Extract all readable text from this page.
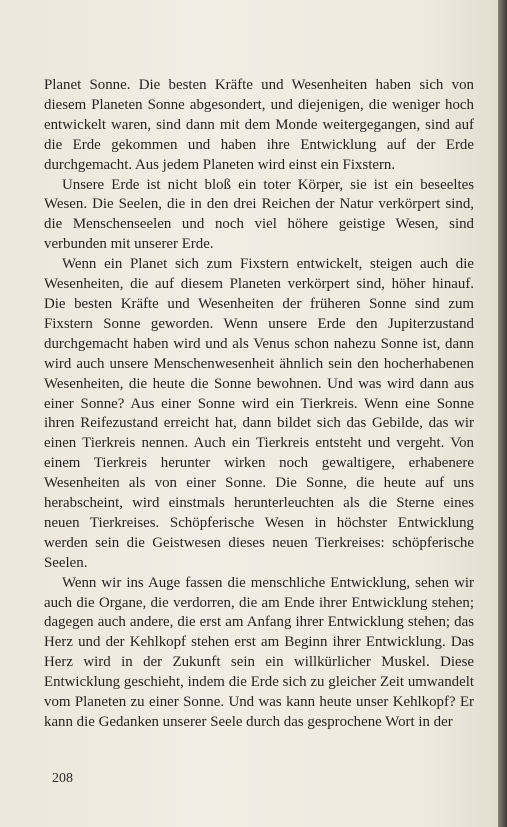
Planet Sonne. Die besten Kräfte und Wesenheiten haben sich von diesem Planeten Sonne abgesondert, und diejenigen, die weniger hoch entwickelt waren, sind dann mit dem Monde weitergegangen, sind auf die Erde gekommen und haben ihre Entwicklung auf der Erde durchgemacht. Aus jedem Planeten wird einst ein Fixstern.

Unsere Erde ist nicht bloß ein toter Körper, sie ist ein beseeltes Wesen. Die Seelen, die in den drei Reichen der Natur verkörpert sind, die Menschenseelen und noch viel höhere geistige Wesen, sind verbunden mit unserer Erde.

Wenn ein Planet sich zum Fixstern entwickelt, steigen auch die Wesenheiten, die auf diesem Planeten verkörpert sind, höher hinauf. Die besten Kräfte und Wesenheiten der früheren Sonne sind zum Fixstern Sonne geworden. Wenn unsere Erde den Jupiterzustand durchgemacht haben wird und als Venus schon nahezu Sonne ist, dann wird auch unsere Menschenwesenheit ähnlich sein den hocherhabenen Wesenheiten, die heute die Sonne bewohnen. Und was wird dann aus einer Sonne? Aus einer Sonne wird ein Tierkreis. Wenn eine Sonne ihren Reifezustand erreicht hat, dann bildet sich das Gebilde, das wir einen Tierkreis nennen. Auch ein Tierkreis entsteht und vergeht. Von einem Tierkreis herunter wirken noch gewaltigere, erhabenere Wesenheiten als von einer Sonne. Die Sonne, die heute auf uns herabscheint, wird einstmals herunterleuchten als die Sterne eines neuen Tierkreises. Schöpferische Wesen in höchster Entwicklung werden sein die Geistwesen dieses neuen Tierkreises: schöpferische Seelen.

Wenn wir ins Auge fassen die menschliche Entwicklung, sehen wir auch die Organe, die verdorren, die am Ende ihrer Entwicklung stehen; dagegen auch andere, die erst am Anfang ihrer Entwicklung stehen; das Herz und der Kehlkopf stehen erst am Beginn ihrer Entwicklung. Das Herz wird in der Zukunft sein ein willkürlicher Muskel. Diese Entwicklung geschieht, indem die Erde sich zu gleicher Zeit umwandelt vom Planeten zu einer Sonne. Und was kann heute unser Kehlkopf? Er kann die Gedanken unserer Seele durch das gesprochene Wort in der

208
